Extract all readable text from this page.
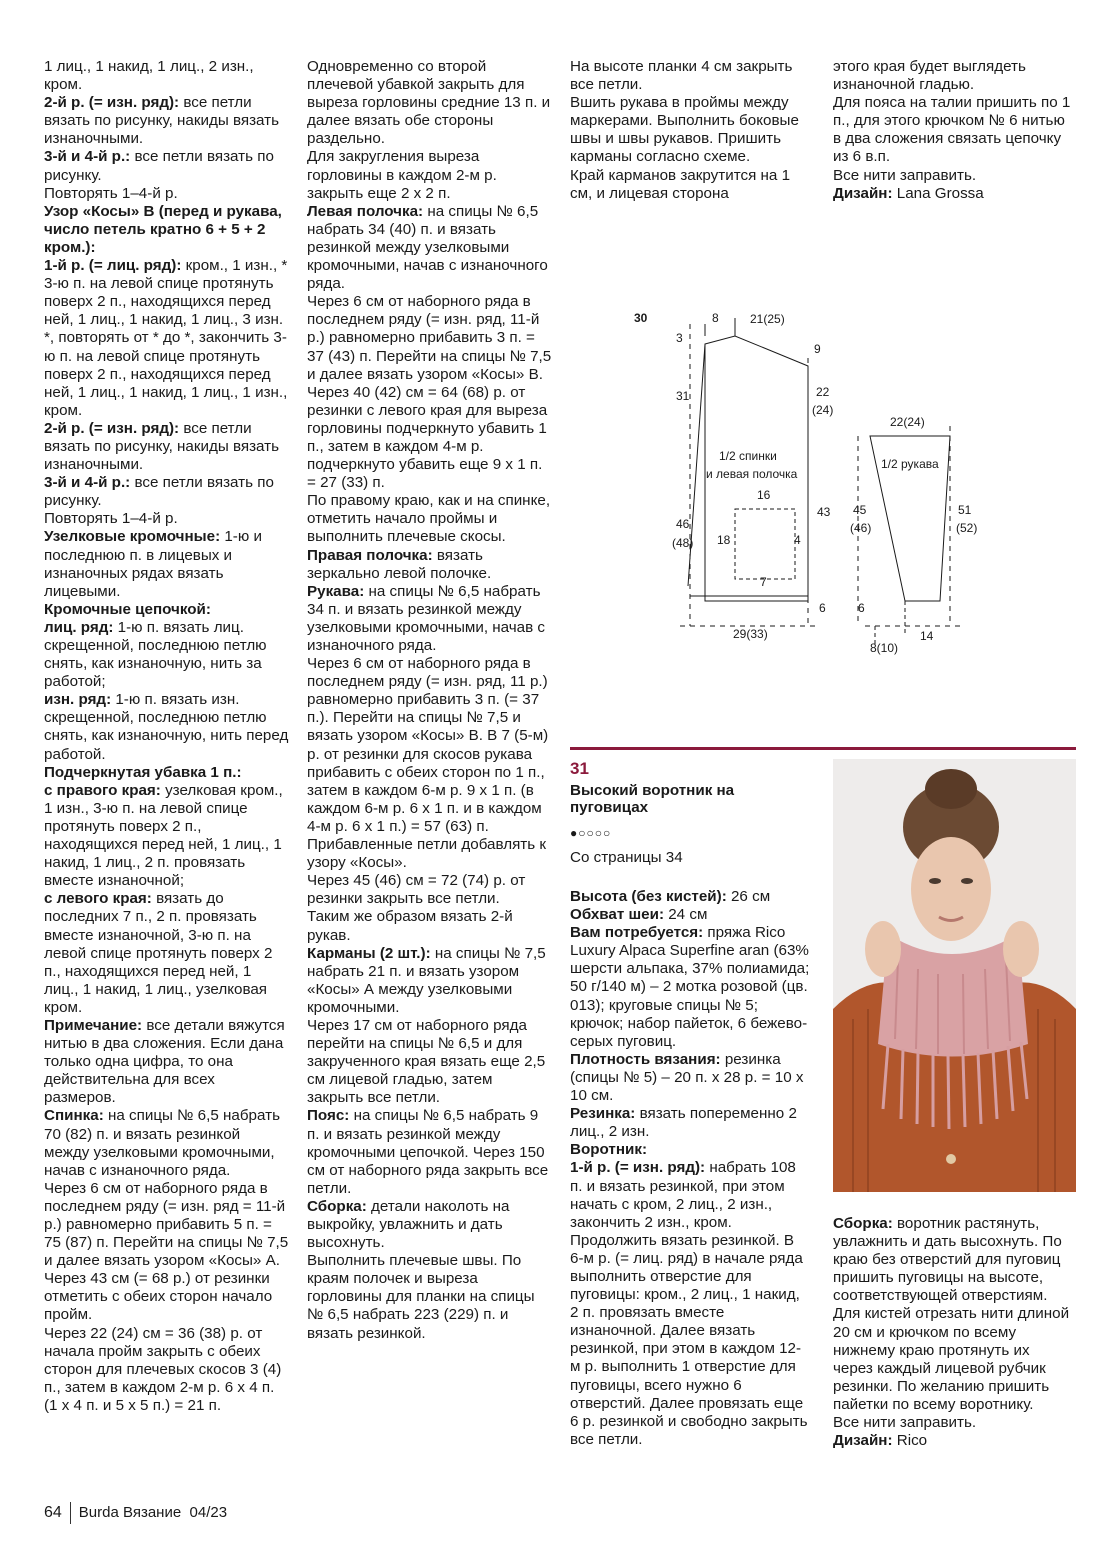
1 лиц., 1 накид, 1 лиц., 2 изн., кром.

2-й р. (= изн. ряд): все петли вязать по рисунку, накиды вязать изнаночными.

3-й и 4-й р.: все петли вязать по рисунку.

Повторять 1–4-й р.

Узор «Косы» В (перед и рукава, число петель кратно 6 + 5 + 2 кром.):

1-й р. (= лиц. ряд): кром., 1 изн., * 3-ю п. на левой спице протянуть поверх 2 п., находящихся перед ней, 1 лиц., 1 накид, 1 лиц., 3 изн. *, повторять от * до *, закончить 3-ю п. на левой спице протянуть поверх 2 п., находящихся перед ней, 1 лиц., 1 накид, 1 лиц., 1 изн., кром.

2-й р. (= изн. ряд): все петли вязать по рисунку, накиды вязать изнаночными.

3-й и 4-й р.: все петли вязать по рисунку.

Повторять 1–4-й р.

Узелковые кромочные: 1-ю и последнюю п. в лицевых и изнаночных рядах вязать лицевыми.

Кромочные цепочкой:

лиц. ряд: 1-ю п. вязать лиц. скрещенной, последнюю петлю снять, как изнаночную, нить за работой;

изн. ряд: 1-ю п. вязать изн. скрещенной, последнюю петлю снять, как изнаночную, нить перед работой.

Подчеркнутая убавка 1 п.:

с правого края: узелковая кром., 1 изн., 3-ю п. на левой спице протянуть поверх 2 п., находящихся перед ней, 1 лиц., 1 накид, 1 лиц., 2 п. провязать вместе изнаночной;

с левого края: вязать до последних 7 п., 2 п. провязать вместе изнаночной, 3-ю п. на левой спице протянуть поверх 2 п., находящихся перед ней, 1 лиц., 1 накид, 1 лиц., узелковая кром.

Примечание: все детали вяжутся нитью в два сложения. Если дана только одна цифра, то она действительна для всех размеров.

Спинка: на спицы № 6,5 набрать 70 (82) п. и вязать резинкой между узелковыми кромочными, начав с изнаночного ряда.

Через 6 см от наборного ряда в последнем ряду (= изн. ряд = 11-й р.) равномерно прибавить 5 п. = 75 (87) п. Перейти на спицы № 7,5 и далее вязать узором «Косы» А.

Через 43 см (= 68 р.) от резинки отметить с обеих сторон начало пройм.

Через 22 (24) см = 36 (38) р. от начала пройм закрыть с обеих сторон для плечевых скосов 3 (4) п., затем в каждом 2-м р. 6 х 4 п. (1 х 4 п. и 5 х 5 п.) = 21 п.

Одновременно со второй плечевой убавкой закрыть для выреза горловины средние 13 п. и далее вязать обе стороны раздельно.

Для закругления выреза горловины в каждом 2-м р. закрыть еще 2 х 2 п.

Левая полочка: на спицы № 6,5 набрать 34 (40) п. и вязать резинкой между узелковыми кромочными, начав с изнаночного ряда.

Через 6 см от наборного ряда в последнем ряду (= изн. ряд, 11-й р.) равномерно прибавить 3 п. = 37 (43) п. Перейти на спицы № 7,5 и далее вязать узором «Косы» В.

Через 40 (42) см = 64 (68) р. от резинки с левого края для выреза горловины подчеркнуто убавить 1 п., затем в каждом 4-м р. подчеркнуто убавить еще 9 х 1 п. = 27 (33) п.

По правому краю, как и на спинке, отметить начало проймы и выполнить плечевые скосы.

Правая полочка: вязать зеркально левой полочке.

Рукава: на спицы № 6,5 набрать 34 п. и вязать резинкой между узелковыми кромочными, начав с изнаночного ряда.

Через 6 см от наборного ряда в последнем ряду (= изн. ряд, 11 р.) равномерно прибавить 3 п. (= 37 п.). Перейти на спицы № 7,5 и вязать узором «Косы» В. В 7 (5-м) р. от резинки для скосов рукава прибавить с обеих сторон по 1 п., затем в каждом 6-м р. 9 х 1 п. (в каждом 6-м р. 6 х 1 п. и в каждом 4-м р. 6 х 1 п.) = 57 (63) п. Прибавленные петли добавлять к узору «Косы».

Через 45 (46) см = 72 (74) р. от резинки закрыть все петли.

Таким же образом вязать 2-й рукав.

Карманы (2 шт.): на спицы № 7,5 набрать 21 п. и вязать узором «Косы» А между узелковыми кромочными.

Через 17 см от наборного ряда перейти на спицы № 6,5 и для закрученного края вязать еще 2,5 см лицевой гладью, затем закрыть все петли.

Пояс: на спицы № 6,5 набрать 9 п. и вязать резинкой между кромочными цепочкой. Через 150 см от наборного ряда закрыть все петли.

Сборка: детали наколоть на выкройку, увлажнить и дать высохнуть.

Выполнить плечевые швы. По краям полочек и выреза горловины для планки на спицы № 6,5 набрать 223 (229) п. и вязать резинкой.

На высоте планки 4 см закрыть все петли.

Вшить рукава в проймы между маркерами. Выполнить боковые швы и швы рукавов. Пришить карманы согласно схеме.

Край карманов закрутится на 1 см, и лицевая сторона

этого края будет выглядеть изнаночной гладью.

Для пояса на талии пришить по 1 п., для этого крючком № 6 нитью в два сложения связать цепочку из 6 в.п.

Все нити заправить.

Дизайн: Lana Grossa

30	8	21(25)
3
9
31	22
(24)
1/2 спинки
и левая полочка
16
18	4
43
46
(48)
7
6
29(33)
22(24)
1/2 рукава
45
(46)
51
(52)
6
14
8(10)
31
Высокий воротник на пуговицах
●○○○○
Со страницы 34

Высота (без кистей): 26 см

Обхват шеи: 24 см

Вам потребуется: пряжа Rico Luxury Alpaca Superfine aran (63% шерсти альпака, 37% полиамида; 50 г/140 м) – 2 мотка розовой (цв. 013); круговые спицы № 5; крючок; набор пайеток, 6 бежево-серых пуговиц.

Плотность вязания: резинка (спицы № 5) – 20 п. х 28 р. = 10 х 10 см.

Резинка: вязать попеременно 2 лиц., 2 изн.

Воротник:

1-й р. (= изн. ряд): набрать 108 п. и вязать резинкой, при этом начать с кром, 2 лиц., 2 изн., закончить 2 изн., кром. Продолжить вязать резинкой. В 6-м р. (= лиц. ряд) в начале ряда выполнить отверстие для пуговицы: кром., 2 лиц., 1 накид, 2 п. провязать вместе изнаночной. Далее вязать резинкой, при этом в каждом 12-м р. выполнить 1 отверстие для пуговицы, всего нужно 6 отверстий. Далее провязать еще 6 р. резинкой и свободно закрыть все петли.

Сборка: воротник растянуть, увлажнить и дать высохнуть. По краю без отверстий для пуговиц пришить пуговицы на высоте, соответствующей отверстиям.

Для кистей отрезать нити длиной 20 см и крючком по всему нижнему краю протянуть их через каждый лицевой рубчик резинки. По желанию пришить пайетки по всему воротнику.

Все нити заправить.

Дизайн: Rico

64 Burda Вязание 04/23
